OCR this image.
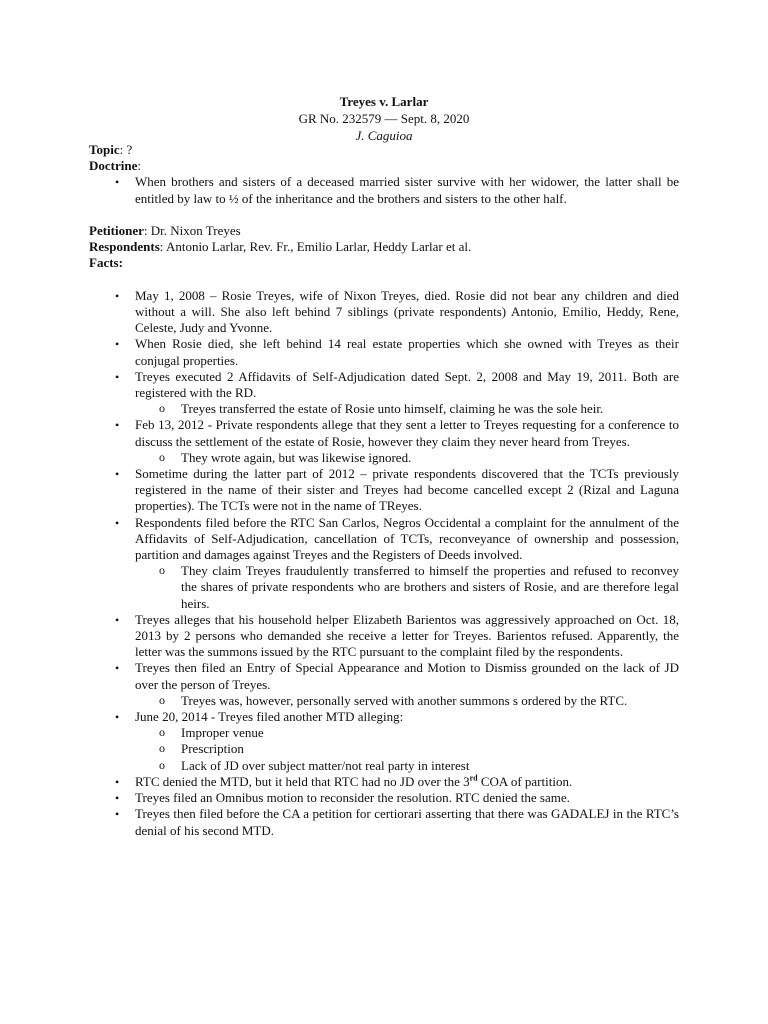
Treyes v. Larlar
GR No. 232579 — Sept. 8, 2020
J. Caguioa

Topic: ?

Doctrine:

• When brothers and sisters of a deceased married sister survive with her widower, the latter shall be entitled by law to ½ of the inheritance and the brothers and sisters to the other half.

Petitioner: Dr. Nixon Treyes

Respondents: Antonio Larlar, Rev. Fr., Emilio Larlar, Heddy Larlar et al.

Facts:

• May 1, 2008 – Rosie Treyes, wife of Nixon Treyes, died. Rosie did not bear any children and died without a will. She also left behind 7 siblings (private respondents) Antonio, Emilio, Heddy, Rene, Celeste, Judy and Yvonne.
• When Rosie died, she left behind 14 real estate properties which she owned with Treyes as their conjugal properties.
• Treyes executed 2 Affidavits of Self-Adjudication dated Sept. 2, 2008 and May 19, 2011. Both are registered with the RD.
o Treyes transferred the estate of Rosie unto himself, claiming he was the sole heir.
• Feb 13, 2012 - Private respondents allege that they sent a letter to Treyes requesting for a conference to discuss the settlement of the estate of Rosie, however they claim they never heard from Treyes.
o They wrote again, but was likewise ignored.
• Sometime during the latter part of 2012 – private respondents discovered that the TCTs previously registered in the name of their sister and Treyes had become cancelled except 2 (Rizal and Laguna properties). The TCTs were not in the name of TReyes.
• Respondents filed before the RTC San Carlos, Negros Occidental a complaint for the annulment of the Affidavits of Self-Adjudication, cancellation of TCTs, reconveyance of ownership and possession, partition and damages against Treyes and the Registers of Deeds involved.
o They claim Treyes fraudulently transferred to himself the properties and refused to reconvey the shares of private respondents who are brothers and sisters of Rosie, and are therefore legal heirs.
• Treyes alleges that his household helper Elizabeth Barientos was aggressively approached on Oct. 18, 2013 by 2 persons who demanded she receive a letter for Treyes. Barientos refused. Apparently, the letter was the summons issued by the RTC pursuant to the complaint filed by the respondents.
• Treyes then filed an Entry of Special Appearance and Motion to Dismiss grounded on the lack of JD over the person of Treyes.
o Treyes was, however, personally served with another summons s ordered by the RTC.
• June 20, 2014 - Treyes filed another MTD alleging:
o Improper venue
o Prescription
o Lack of JD over subject matter/not real party in interest
• RTC denied the MTD, but it held that RTC had no JD over the 3rd COA of partition.
• Treyes filed an Omnibus motion to reconsider the resolution. RTC denied the same.
• Treyes then filed before the CA a petition for certiorari asserting that there was GADALEJ in the RTC’s denial of his second MTD.
